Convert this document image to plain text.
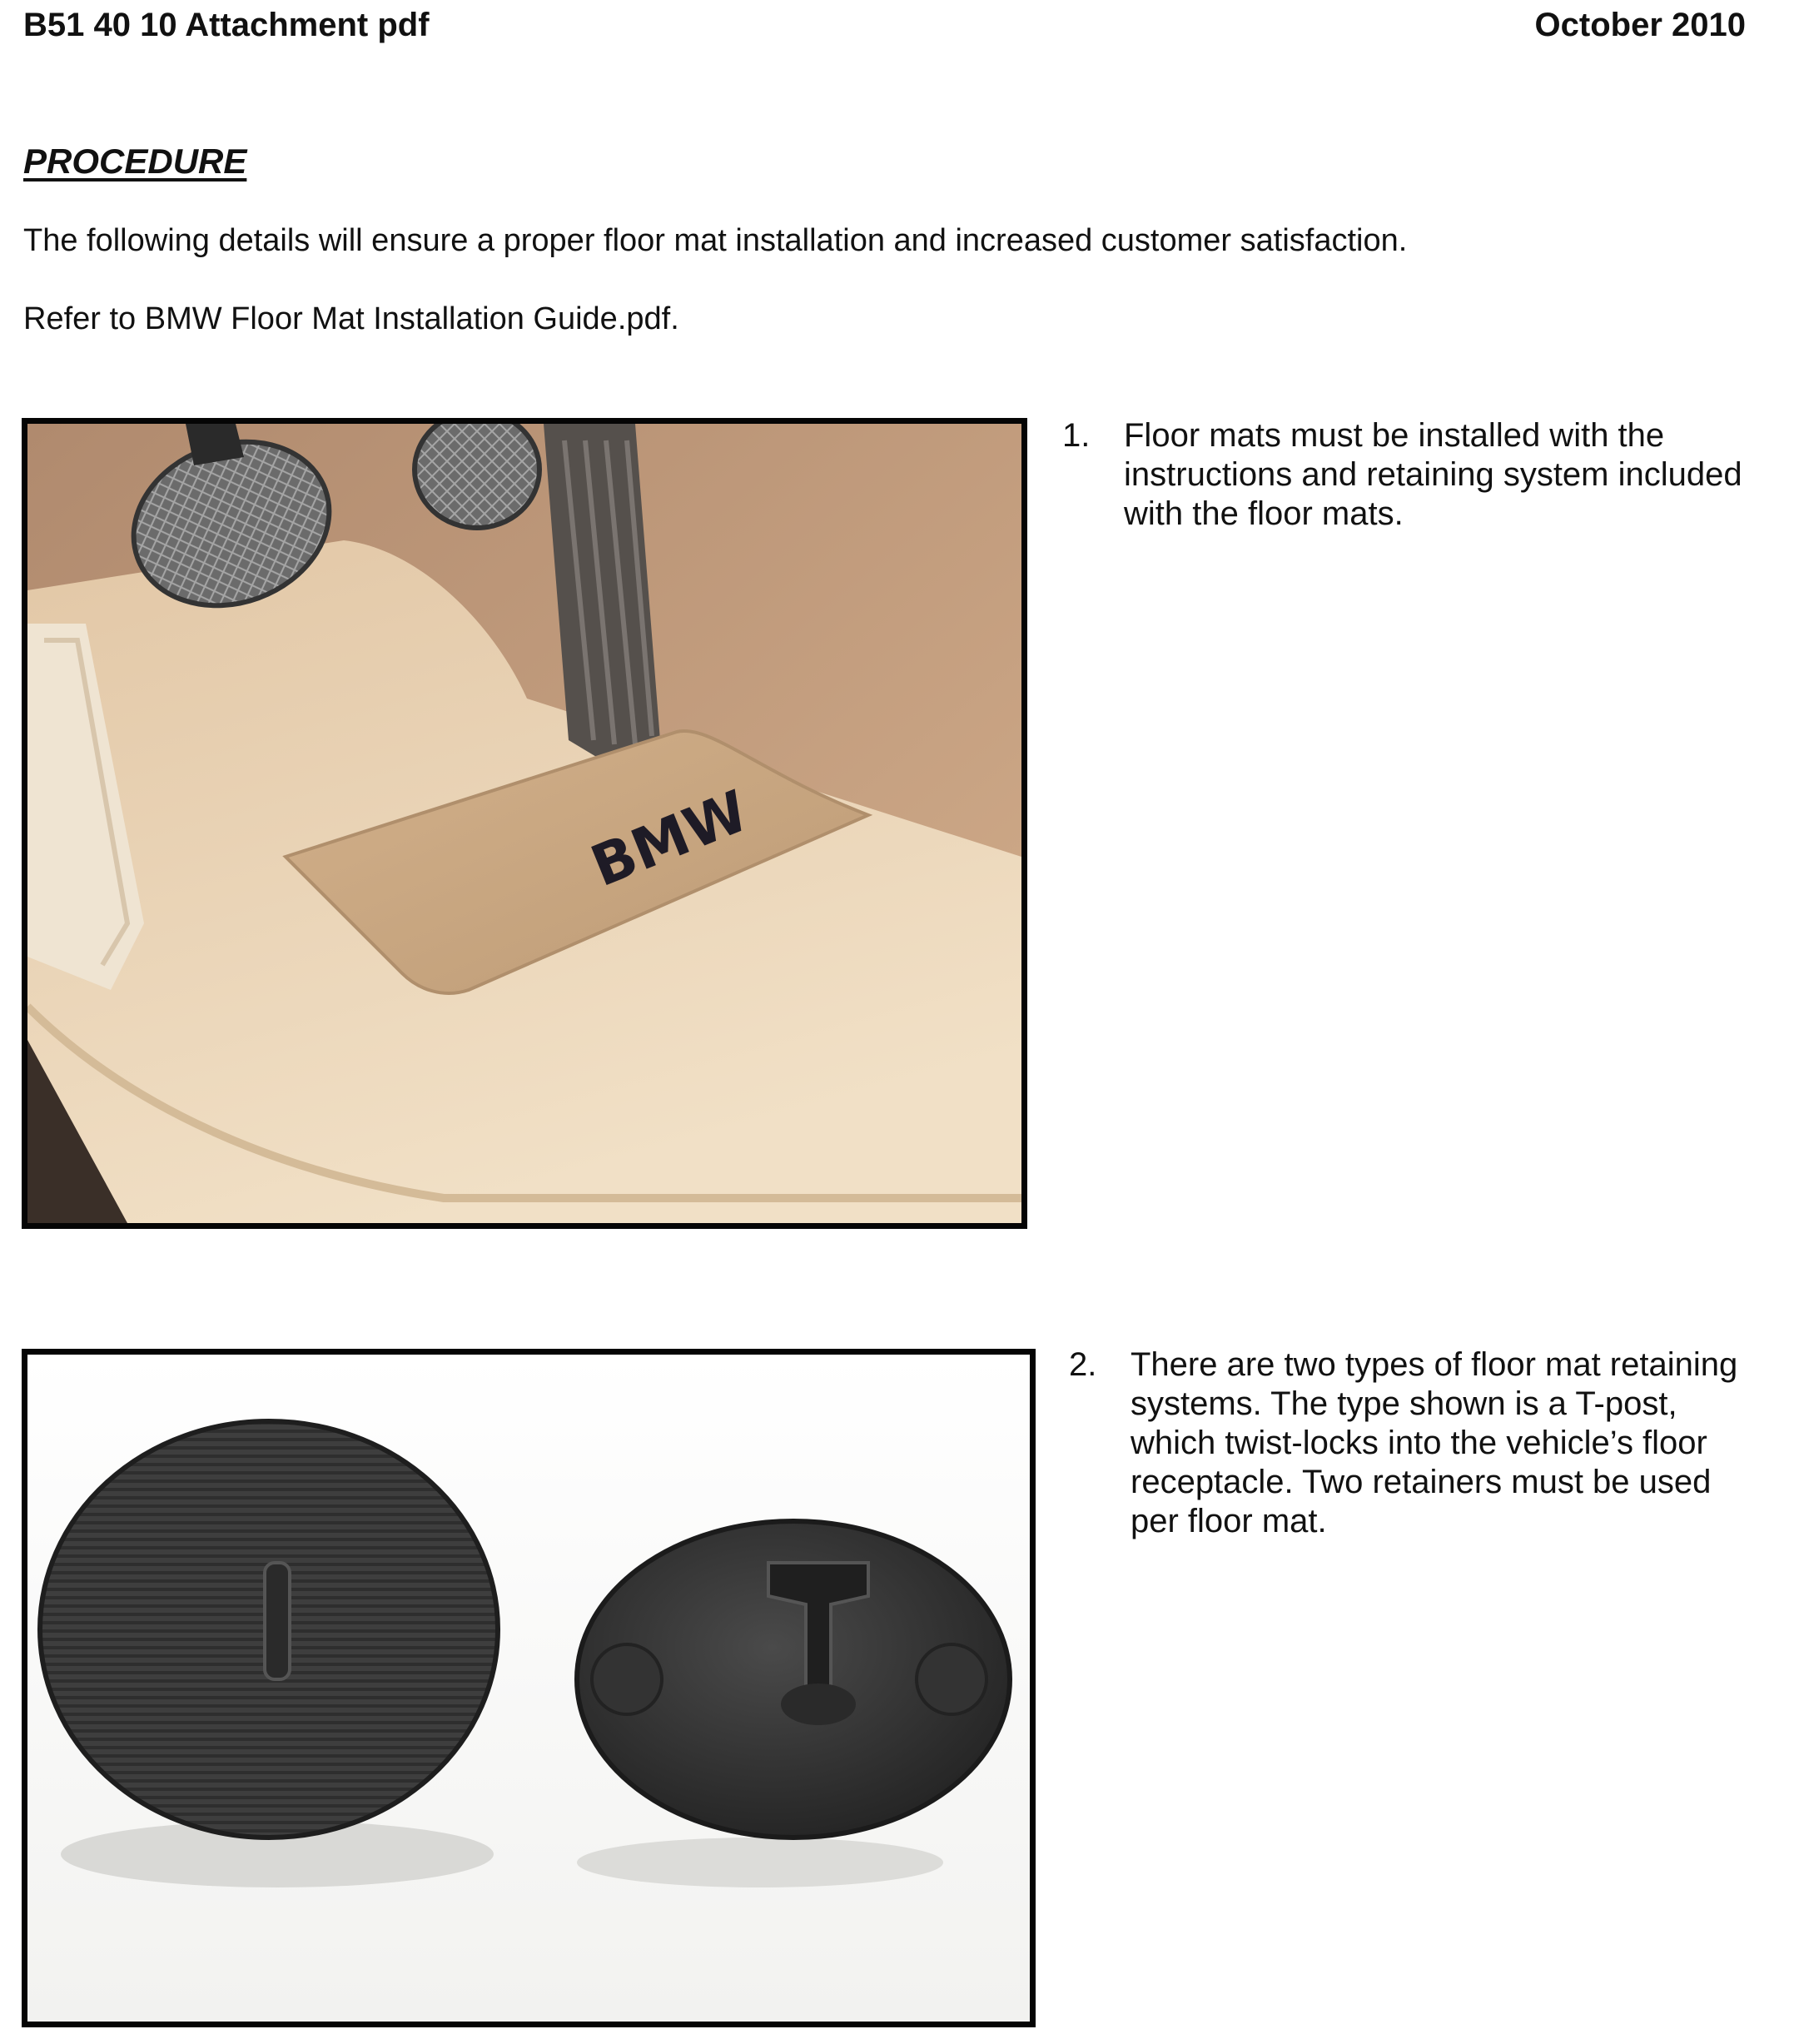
B51 40 10 Attachment pdf	October 2010
PROCEDURE
The following details will ensure a proper floor mat installation and increased customer satisfaction.
Refer to BMW Floor Mat Installation Guide.pdf.
BMW
1.	Floor mats must be installed with the instructions and retaining system included with the floor mats.
2.	There are two types of floor mat retaining systems. The type shown is a T-post, which twist-locks into the vehicle’s floor receptacle. Two retainers must be used per floor mat.
